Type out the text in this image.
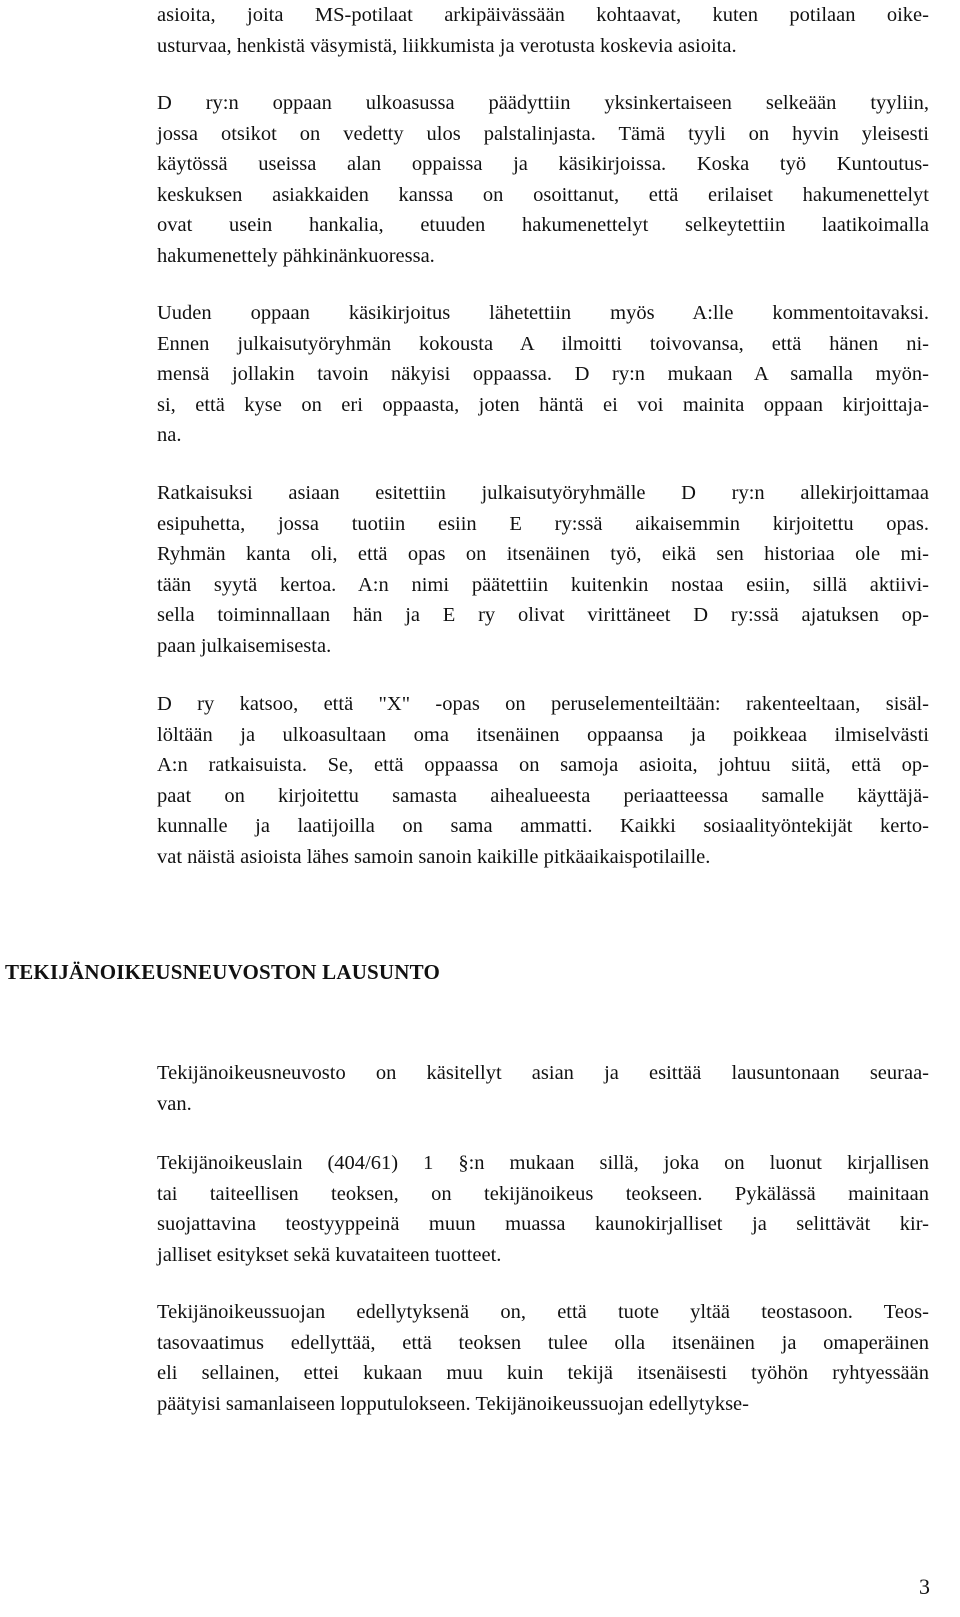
asioita, joita MS-potilaat arkipäivässään kohtaavat, kuten potilaan oike-
usturvaa, henkistä väsymistä, liikkumista ja verotusta koskevia asioita.
D ry:n oppaan ulkoasussa päädyttiin yksinkertaiseen selkeään tyyliin,
jossa otsikot on vedetty ulos palstalinjasta. Tämä tyyli on hyvin yleisesti
käytössä useissa alan oppaissa ja käsikirjoissa. Koska työ Kuntoutus-
keskuksen asiakkaiden kanssa on osoittanut, että erilaiset hakumenettelyt
ovat usein hankalia, etuuden hakumenettelyt selkeytettiin laatikoimalla
hakumenettely pähkinänkuoressa.
Uuden oppaan käsikirjoitus lähetettiin myös A:lle kommentoitavaksi.
Ennen julkaisutyöryhmän kokousta A ilmoitti toivovansa, että hänen ni-
mensä jollakin tavoin näkyisi oppaassa. D ry:n mukaan A samalla myön-
si, että kyse on eri oppaasta, joten häntä ei voi mainita oppaan kirjoittaja-
na.
Ratkaisuksi asiaan esitettiin julkaisutyöryhmälle D ry:n allekirjoittamaa
esipuhetta, jossa tuotiin esiin E ry:ssä aikaisemmin kirjoitettu opas.
Ryhmän kanta oli, että opas on itsenäinen työ, eikä sen historiaa ole mi-
tään syytä kertoa. A:n nimi päätettiin kuitenkin nostaa esiin, sillä aktiivi-
sella toiminnallaan hän ja E ry olivat virittäneet D ry:ssä ajatuksen op-
paan julkaisemisesta.
D ry katsoo, että "X" -opas on peruselementeiltään: rakenteeltaan, sisäl-
löltään ja ulkoasultaan oma itsenäinen oppaansa ja poikkeaa ilmiselvästi
A:n ratkaisuista. Se, että oppaassa on samoja asioita, johtuu siitä, että op-
paat on kirjoitettu samasta aihealueesta periaatteessa samalle käyttäjä-
kunnalle ja laatijoilla on sama ammatti. Kaikki sosiaalityöntekijät kerto-
vat näistä asioista lähes samoin sanoin kaikille pitkäaikaispotilaille.
TEKIJÄNOIKEUSNEUVOSTON LAUSUNTO
Tekijänoikeusneuvosto on käsitellyt asian ja esittää lausuntonaan seuraa-
van.
Tekijänoikeuslain (404/61) 1 §:n mukaan sillä, joka on luonut kirjallisen
tai taiteellisen teoksen, on tekijänoikeus teokseen. Pykälässä mainitaan
suojattavina teostyyppeinä muun muassa kaunokirjalliset ja selittävät kir-
jalliset esitykset sekä kuvataiteen tuotteet.
Tekijänoikeussuojan edellytyksenä on, että tuote yltää teostasoon. Teos-
tasovaatimus edellyttää, että teoksen tulee olla itsenäinen ja omaperäinen
eli sellainen, ettei kukaan muu kuin tekijä itsenäisesti työhön ryhtyessään
päätyisi samanlaiseen lopputulokseen. Tekijänoikeussuojan edellytykse-
3
